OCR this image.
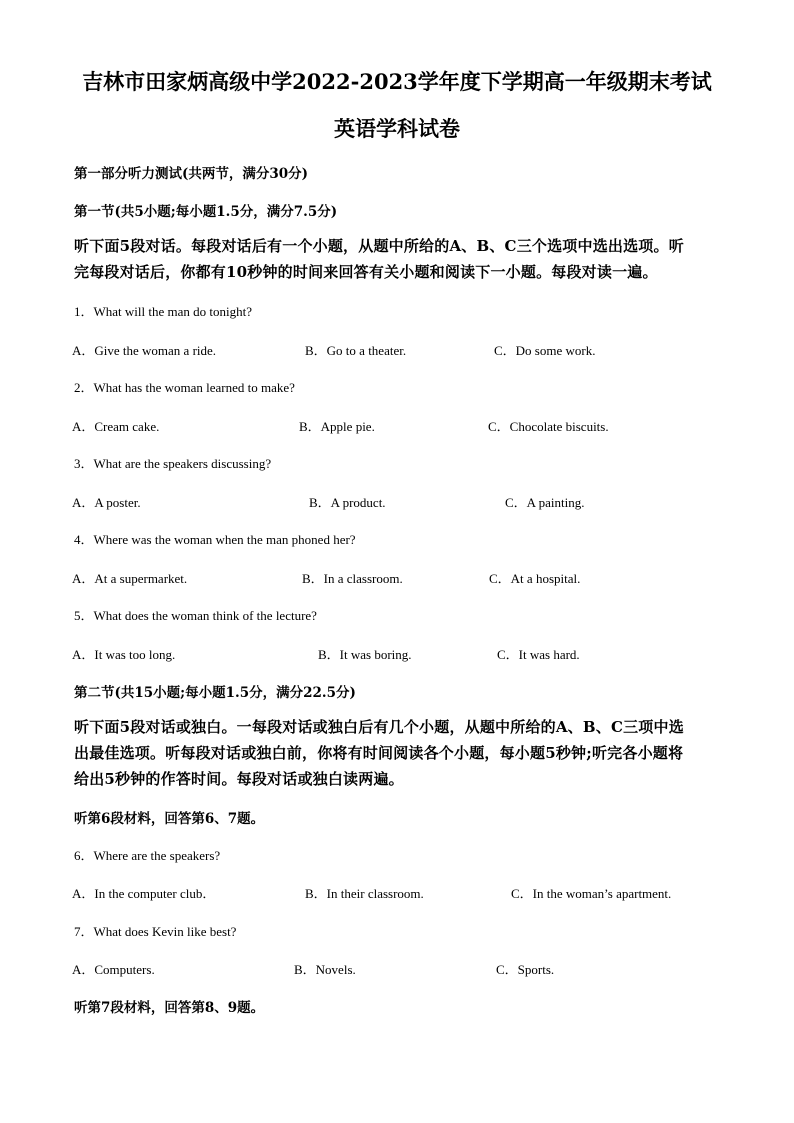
吉林市田家炳高级中学2022-2023学年度下学期高一年级期末考试
英语学科试卷
第一部分听力测试(共两节，满分30分)
第一节(共5小题;每小题1.5分，满分7.5分)
听下面5段对话。每段对话后有一个小题，从题中所给的A、B、C三个选项中选出选项。听
完每段对话后，你都有10秒钟的时间来回答有关小题和阅读下一小题。每段对读一遍。
1．What will the man do tonight?
A．Give the woman a ride.	B．Go to a theater.	C．Do some work.
2．What has the woman learned to make?
A．Cream cake.	B．Apple pie.	C．Chocolate biscuits.
3．What are the speakers discussing?
A．A poster.	B．A product.	C．A painting.
4．Where was the woman when the man phoned her?
A．At a supermarket.	B．In a classroom.	C．At a hospital.
5．What does the woman think of the lecture?
A．It was too long.	B．It was boring.	C．It was hard.
第二节(共15小题;每小题1.5分，满分22.5分)
听下面5段对话或独白。一每段对话或独白后有几个小题，从题中所给的A、B、C三项中选
出最佳选项。听每段对话或独白前，你将有时间阅读各个小题，每小题5秒钟;听完各小题将
给出5秒钟的作答时间。每段对话或独白读两遍。
听第6段材料，回答第6、7题。
6．Where are the speakers?
A．In the computer club．	B．In their classroom.	C．In the woman’s apartment.
7．What does Kevin like best?
A．Computers.	B．Novels.	C．Sports.
听第7段材料，回答第8、9题。
